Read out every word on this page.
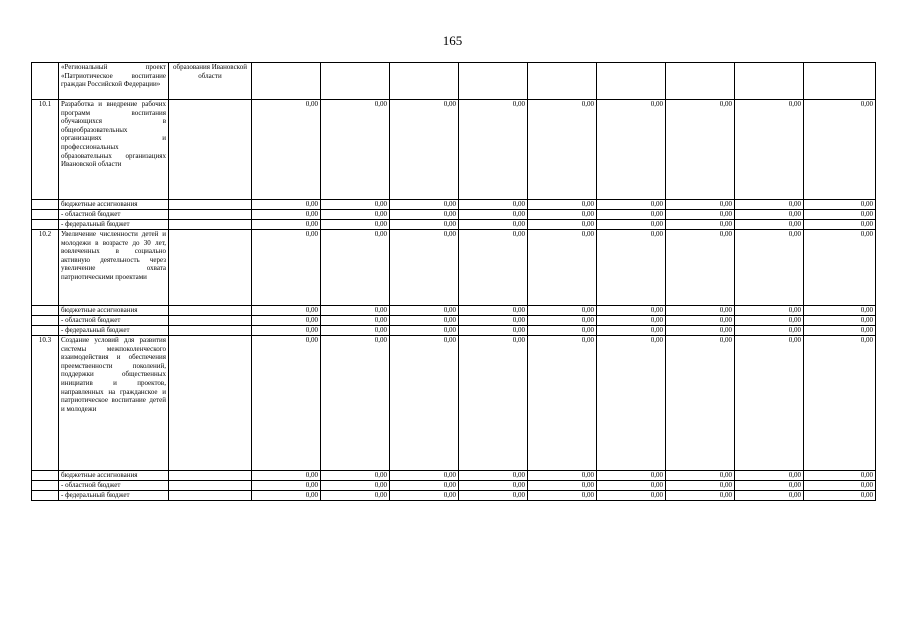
165
	«Региональный проект «Патриотическое воспитание граждан Российской Федерации»	образования Ивановской области									
10.1	Разработка и внедрение рабочих программ воспитания обучающихся в общеобразовательных организациях и профессиональных образовательных организациях Ивановской области		0,00	0,00	0,00	0,00	0,00	0,00	0,00	0,00	0,00
	бюджетные ассигнования		0,00	0,00	0,00	0,00	0,00	0,00	0,00	0,00	0,00
	- областной бюджет		0,00	0,00	0,00	0,00	0,00	0,00	0,00	0,00	0,00
	- федеральный бюджет		0,00	0,00	0,00	0,00	0,00	0,00	0,00	0,00	0,00
10.2	Увеличение численности детей и молодежи в возрасте до 30 лет, вовлеченных в социально активную деятельность через увеличение охвата патриотическими проектами		0,00	0,00	0,00	0,00	0,00	0,00	0,00	0,00	0,00
	бюджетные ассигнования		0,00	0,00	0,00	0,00	0,00	0,00	0,00	0,00	0,00
	- областной бюджет		0,00	0,00	0,00	0,00	0,00	0,00	0,00	0,00	0,00
	- федеральный бюджет		0,00	0,00	0,00	0,00	0,00	0,00	0,00	0,00	0,00
10.3	Создание условий для развития системы межпоколенческого взаимодействия и обеспечения преемственности поколений, поддержки общественных инициатив и проектов, направленных на гражданское и патриотическое воспитание детей и молодежи		0,00	0,00	0,00	0,00	0,00	0,00	0,00	0,00	0,00
	бюджетные ассигнования		0,00	0,00	0,00	0,00	0,00	0,00	0,00	0,00	0,00
	- областной бюджет		0,00	0,00	0,00	0,00	0,00	0,00	0,00	0,00	0,00
	- федеральный бюджет		0,00	0,00	0,00	0,00	0,00	0,00	0,00	0,00	0,00
